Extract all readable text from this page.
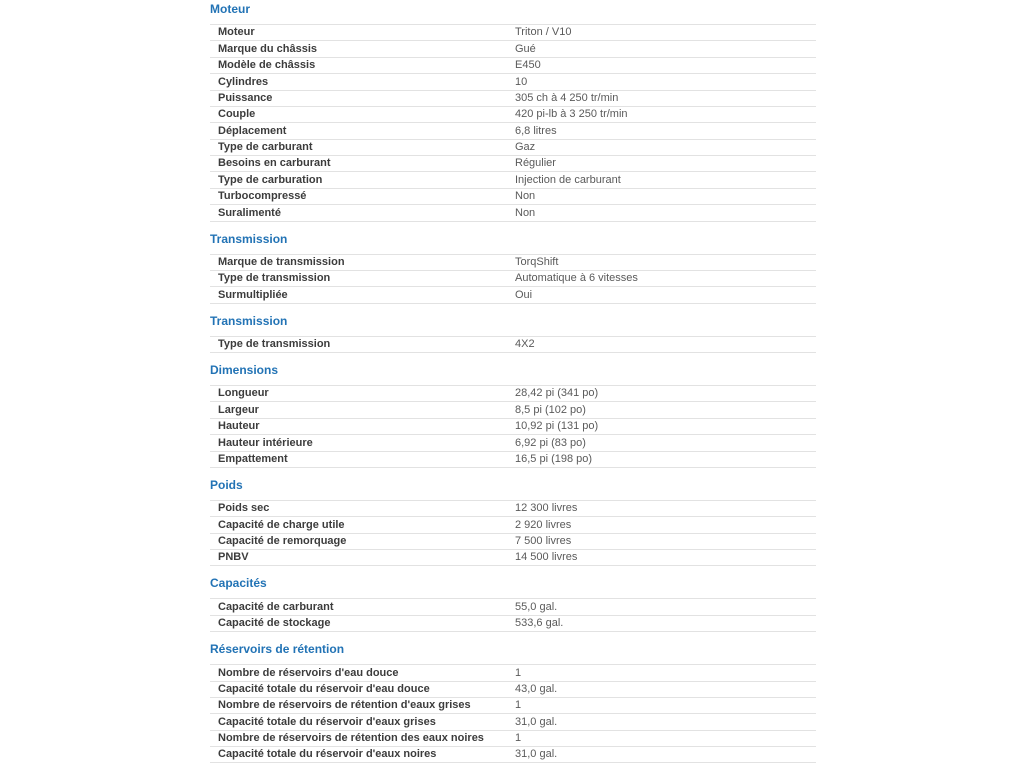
Moteur
Moteur	Triton / V10
Marque du châssis	Gué
Modèle de châssis	E450
Cylindres	10
Puissance	305 ch à 4 250 tr/min
Couple	420 pi-lb à 3 250 tr/min
Déplacement	6,8 litres
Type de carburant	Gaz
Besoins en carburant	Régulier
Type de carburation	Injection de carburant
Turbocompressé	Non
Suralimenté	Non
Transmission
Marque de transmission	TorqShift
Type de transmission	Automatique à 6 vitesses
Surmultipliée	Oui
Transmission
Type de transmission	4X2
Dimensions
Longueur	28,42 pi (341 po)
Largeur	8,5 pi (102 po)
Hauteur	10,92 pi (131 po)
Hauteur intérieure	6,92 pi (83 po)
Empattement	16,5 pi (198 po)
Poids
Poids sec	12 300 livres
Capacité de charge utile	2 920 livres
Capacité de remorquage	7 500 livres
PNBV	14 500 livres
Capacités
Capacité de carburant	55,0 gal.
Capacité de stockage	533,6 gal.
Réservoirs de rétention
Nombre de réservoirs d'eau douce	1
Capacité totale du réservoir d'eau douce	43,0 gal.
Nombre de réservoirs de rétention d'eaux grises	1
Capacité totale du réservoir d'eaux grises	31,0 gal.
Nombre de réservoirs de rétention des eaux noires	1
Capacité totale du réservoir d'eaux noires	31,0 gal.
